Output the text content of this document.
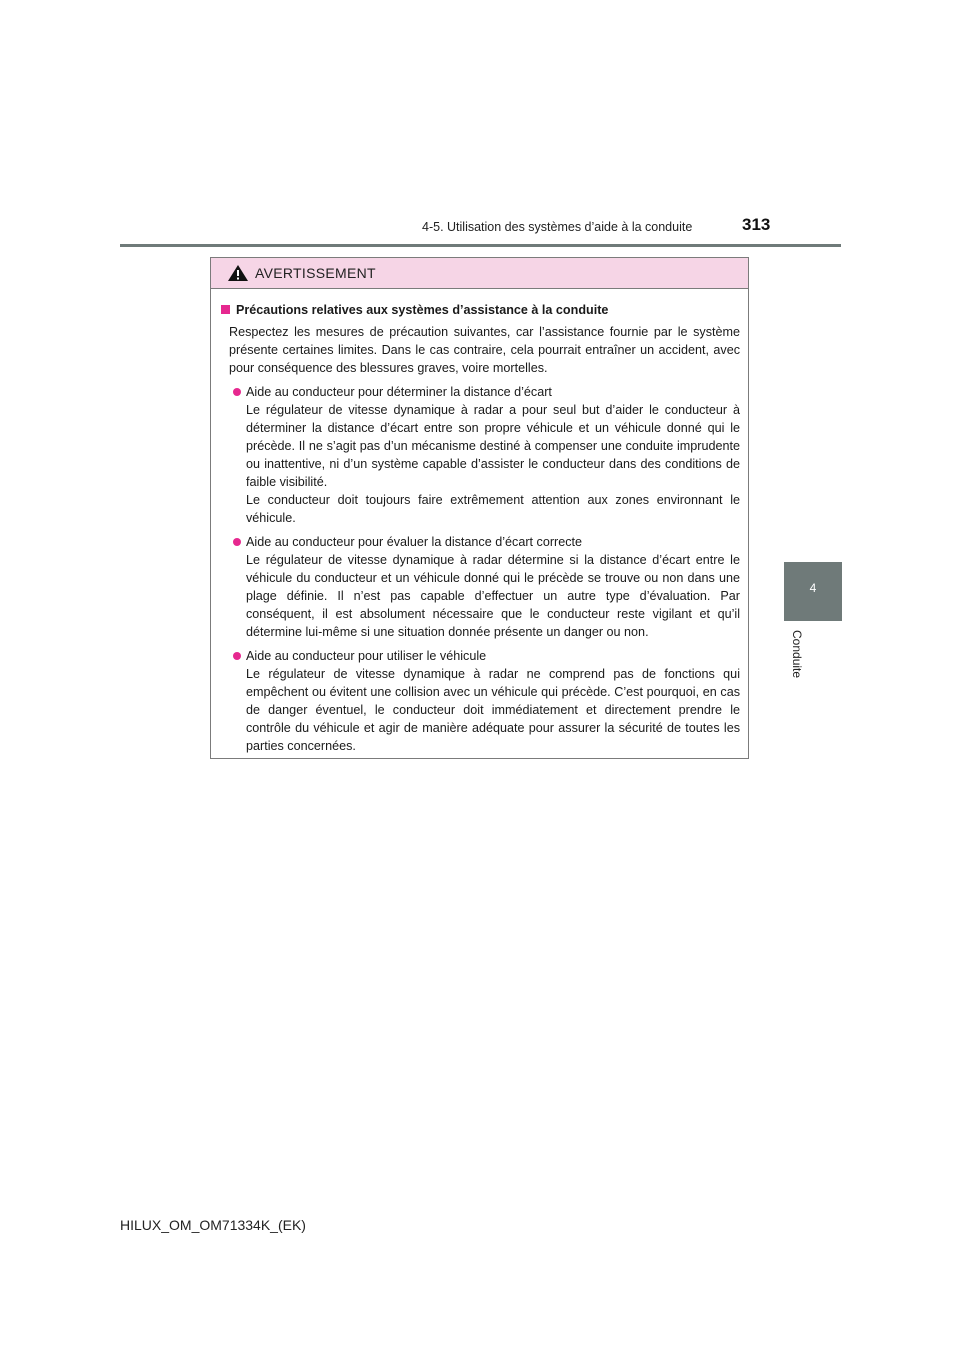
4-5. Utilisation des systèmes d’aide à la conduite	313
4
Conduite
AVERTISSEMENT
Précautions relatives aux systèmes d’assistance à la conduite
Respectez les mesures de précaution suivantes, car l’assistance fournie par le système présente certaines limites. Dans le cas contraire, cela pourrait entraîner un accident, avec pour conséquence des blessures graves, voire mortelles.

Aide au conducteur pour déterminer la distance d’écart

Le régulateur de vitesse dynamique à radar a pour seul but d’aider le conducteur à déterminer la distance d’écart entre son propre véhicule et un véhicule donné qui le précède. Il ne s’agit pas d’un mécanisme destiné à compenser une conduite imprudente ou inattentive, ni d’un système capable d’assister le conducteur dans des conditions de faible visibilité.

Le conducteur doit toujours faire extrêmement attention aux zones environnant le véhicule.

Aide au conducteur pour évaluer la distance d’écart correcte

Le régulateur de vitesse dynamique à radar détermine si la distance d’écart entre le véhicule du conducteur et un véhicule donné qui le précède se trouve ou non dans une plage définie. Il n’est pas capable d’effectuer un autre type d’évaluation. Par conséquent, il est absolument nécessaire que le conducteur reste vigilant et qu’il détermine lui-même si une situation donnée présente un danger ou non.

Aide au conducteur pour utiliser le véhicule

Le régulateur de vitesse dynamique à radar ne comprend pas de fonctions qui empêchent ou évitent une collision avec un véhicule qui précède. C’est pourquoi, en cas de danger éventuel, le conducteur doit immédiatement et directement prendre le contrôle du véhicule et agir de manière adéquate pour assurer la sécurité de toutes les parties concernées.

HILUX_OM_OM71334K_(EK)
